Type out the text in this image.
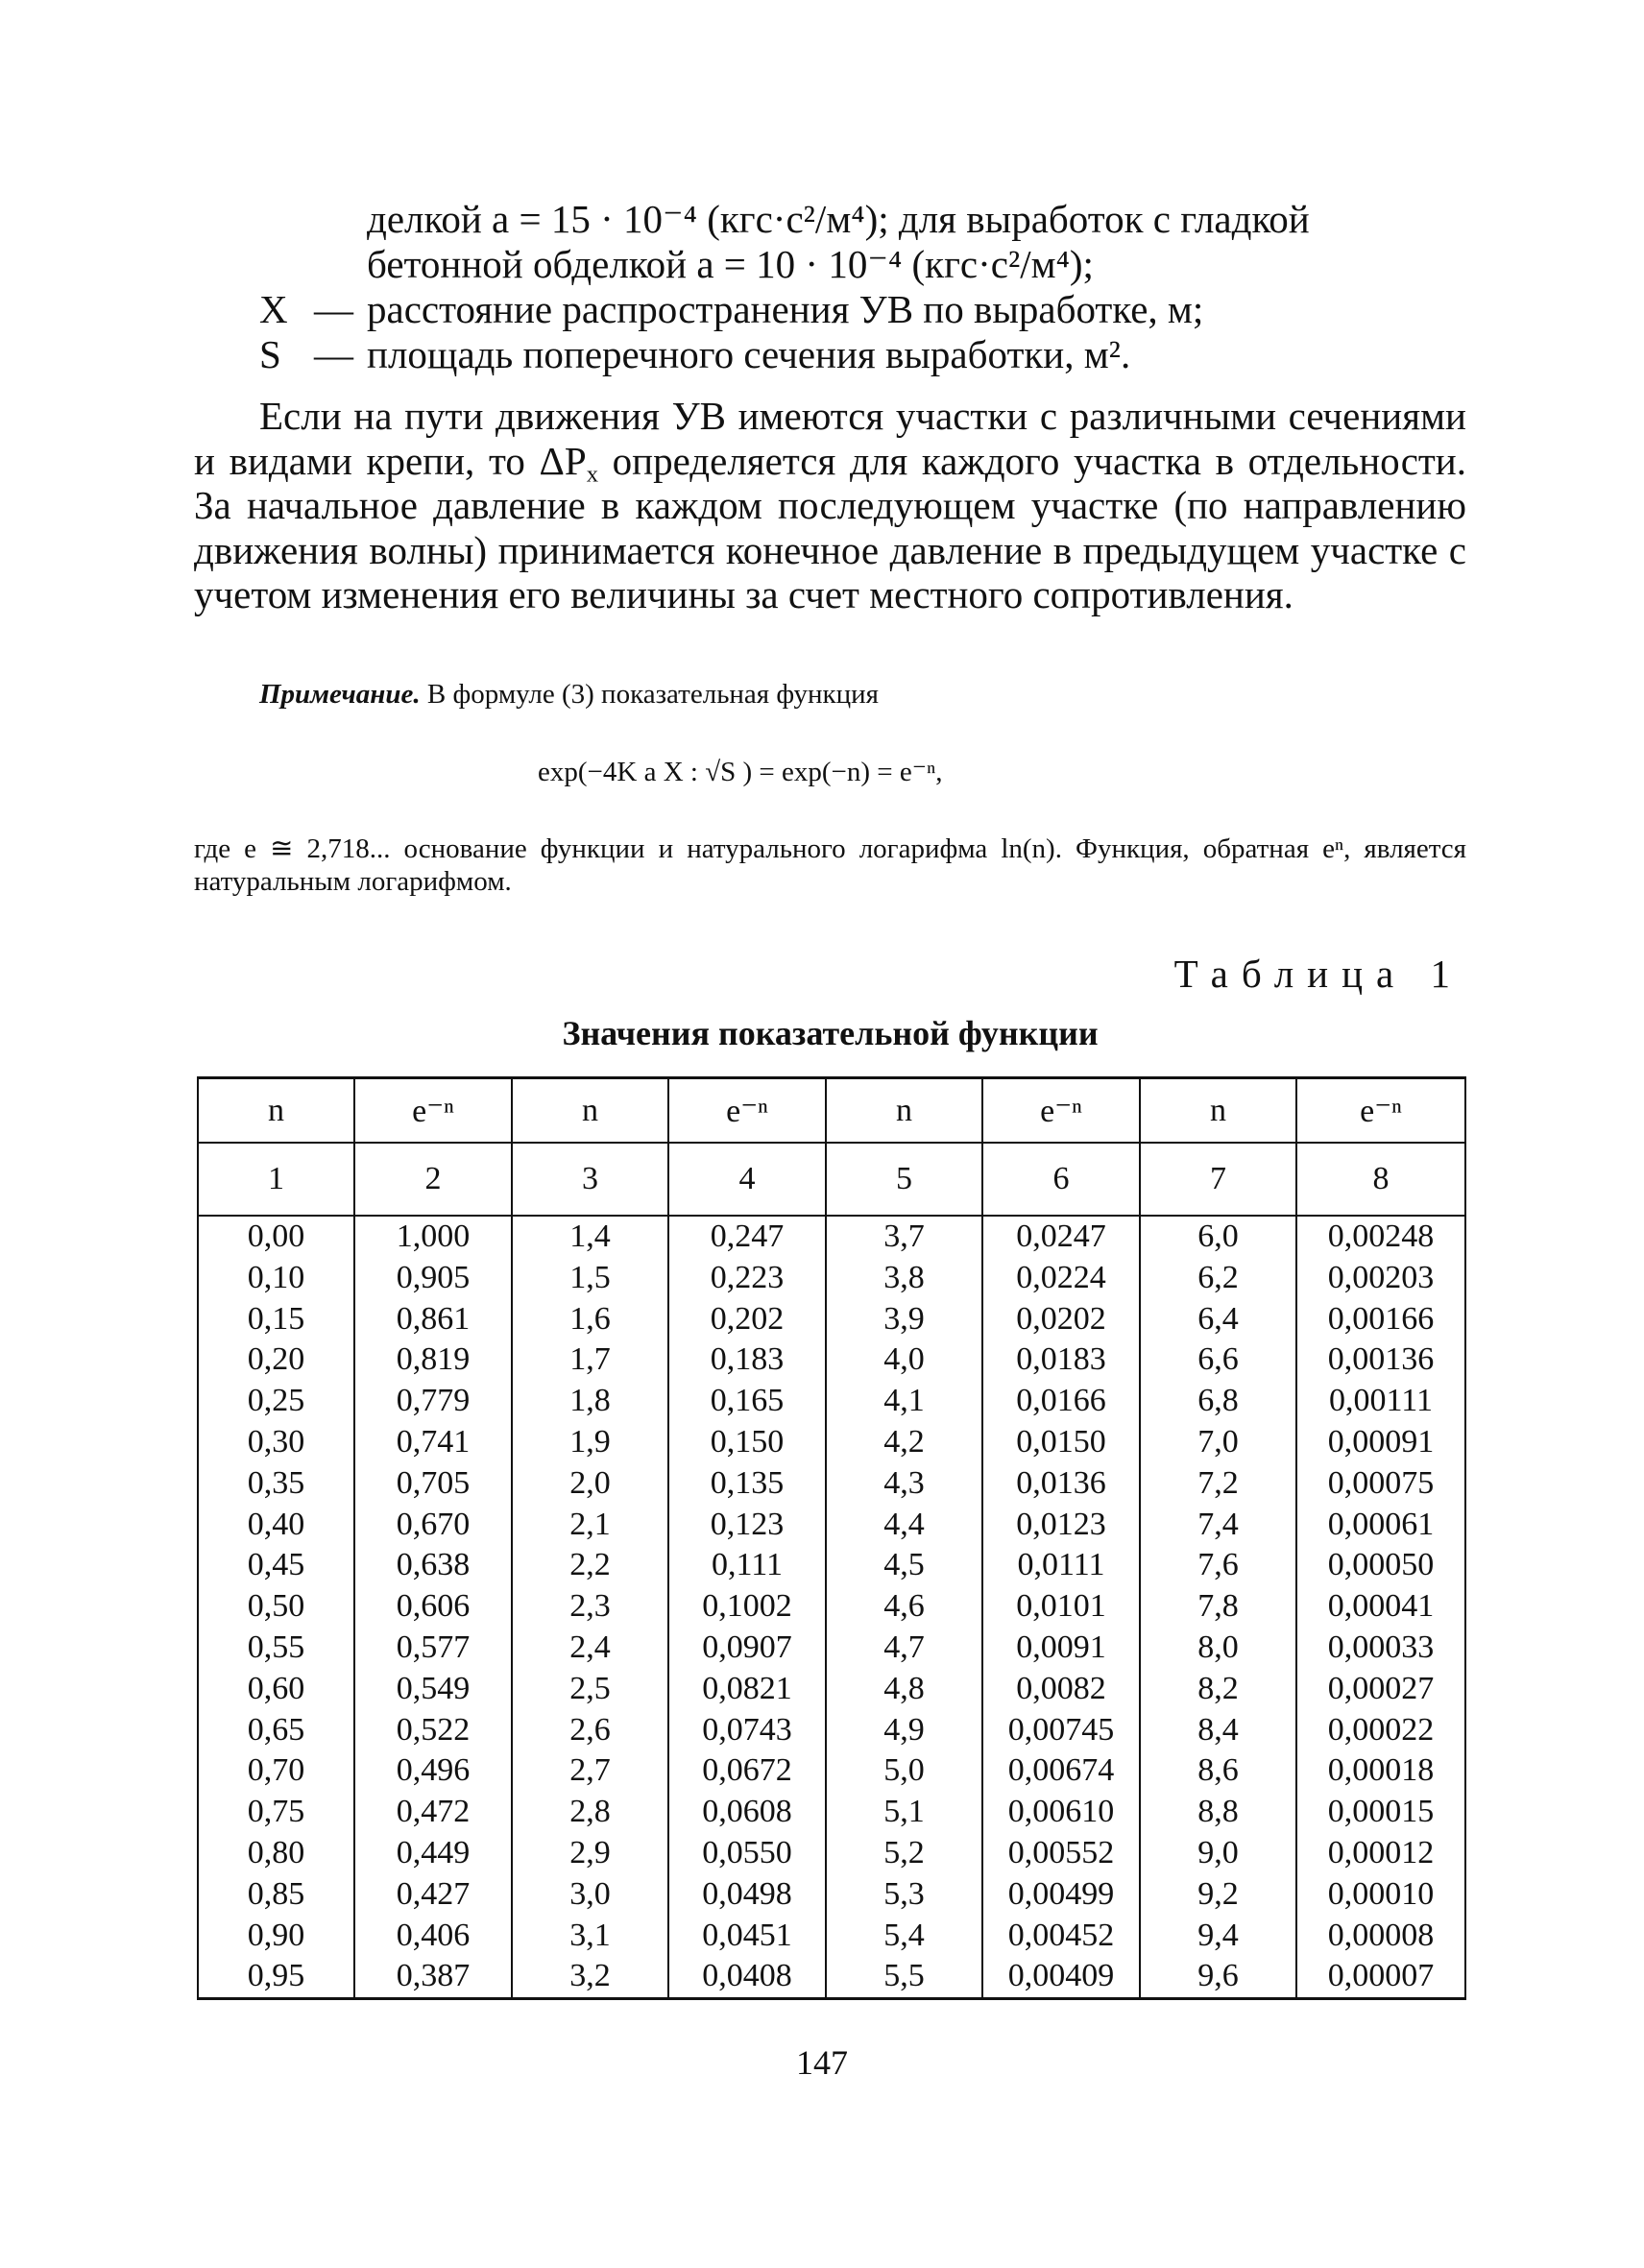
делкой a = 15 · 10⁻⁴ (кгс·с²/м⁴); для выработок с гладкой
бетонной обделкой a = 10 · 10⁻⁴ (кгс·с²/м⁴);
X — расстояние распространения УВ по выработке, м;
S — площадь поперечного сечения выработки, м².

Если на пути движения УВ имеются участки с различными сечениями и видами крепи, то $\Delta P_x$ определяется для каждого участка в отдельности. За начальное давление в каждом последующем участке (по направлению движения волны) принимается конечное давление в предыдущем участке с учетом изменения его величины за счет местного сопротивления.

Примечание. В формуле (3) показательная функция
exp(−4K a X : √S ) = exp(−n) = e⁻ⁿ,
где e ≅ 2,718... основание функции и натурального логарифма ln(n). Функция, обратная eⁿ, является натуральным логарифмом.
Таблица 1
Значения показательной функции
n	e⁻ⁿ	n	e⁻ⁿ	n	e⁻ⁿ	n	e⁻ⁿ
1	2	3	4	5	6	7	8
0,00	1,000	1,4	0,247	3,7	0,0247	6,0	0,00248
0,10	0,905	1,5	0,223	3,8	0,0224	6,2	0,00203
0,15	0,861	1,6	0,202	3,9	0,0202	6,4	0,00166
0,20	0,819	1,7	0,183	4,0	0,0183	6,6	0,00136
0,25	0,779	1,8	0,165	4,1	0,0166	6,8	0,00111
0,30	0,741	1,9	0,150	4,2	0,0150	7,0	0,00091
0,35	0,705	2,0	0,135	4,3	0,0136	7,2	0,00075
0,40	0,670	2,1	0,123	4,4	0,0123	7,4	0,00061
0,45	0,638	2,2	0,111	4,5	0,0111	7,6	0,00050
0,50	0,606	2,3	0,1002	4,6	0,0101	7,8	0,00041
0,55	0,577	2,4	0,0907	4,7	0,0091	8,0	0,00033
0,60	0,549	2,5	0,0821	4,8	0,0082	8,2	0,00027
0,65	0,522	2,6	0,0743	4,9	0,00745	8,4	0,00022
0,70	0,496	2,7	0,0672	5,0	0,00674	8,6	0,00018
0,75	0,472	2,8	0,0608	5,1	0,00610	8,8	0,00015
0,80	0,449	2,9	0,0550	5,2	0,00552	9,0	0,00012
0,85	0,427	3,0	0,0498	5,3	0,00499	9,2	0,00010
0,90	0,406	3,1	0,0451	5,4	0,00452	9,4	0,00008
0,95	0,387	3,2	0,0408	5,5	0,00409	9,6	0,00007
147
